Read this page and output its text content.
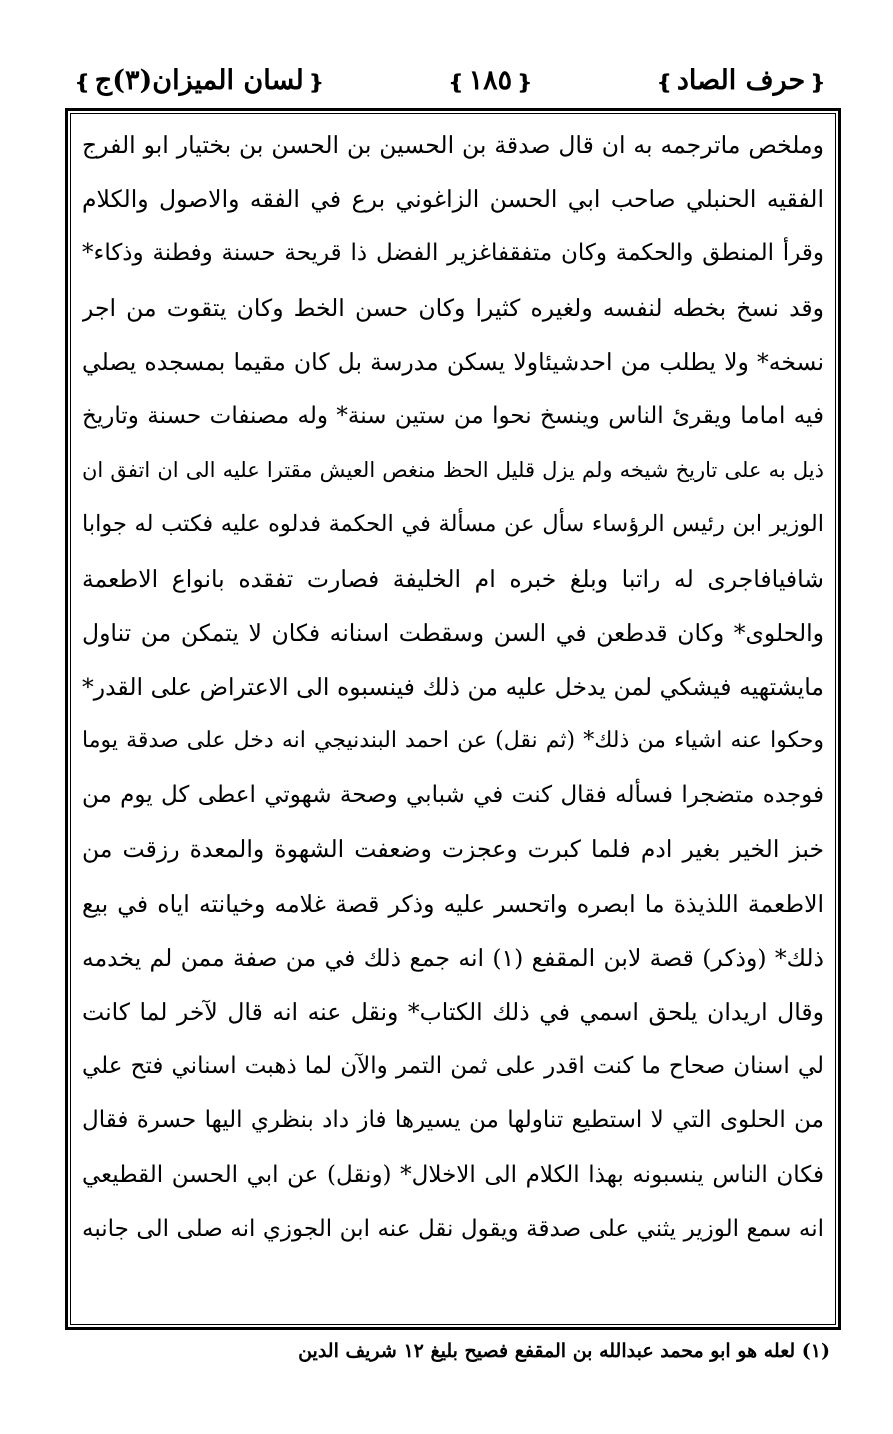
❴حرف الصاد❵
❴١٨٥❵
❴لسان الميزان(٣)ج❵
وملخص ماترجمه به ان قال صدقة بن الحسين بن الحسن بن بختيار ابو الفرج
الفقيه الحنبلي صاحب ابي الحسن الزاغوني برع في الفقه والاصول والكلام
وقرأ المنطق والحكمة وكان متفقفاغزير الفضل ذا قريحة حسنة وفطنة وذكاء*
وقد نسخ بخطه لنفسه ولغيره كثيرا وكان حسن الخط وكان يتقوت من اجر
نسخه* ولا يطلب من احدشيئاولا يسكن مدرسة بل كان مقيما بمسجده يصلي
فيه اماما ويقرئ الناس وينسخ نحوا من ستين سنة* وله مصنفات حسنة وتاريخ
ذيل به على تاريخ شيخه ولم يزل قليل الحظ منغص العيش مقترا عليه الى ان اتفق ان
الوزير ابن رئيس الرؤساء سأل عن مسألة في الحكمة فدلوه عليه فكتب له جوابا
شافيافاجرى له راتبا وبلغ خبره ام الخليفة فصارت تفقده بانواع الاطعمة
والحلوى* وكان قدطعن في السن وسقطت اسنانه فكان لا يتمكن من تناول
مايشتهيه فيشكي لمن يدخل عليه من ذلك فينسبوه الى الاعتراض على القدر*
وحكوا عنه اشياء من ذلك* (ثم نقل) عن احمد البندنيجي انه دخل على صدقة يوما
فوجده متضجرا فسأله فقال كنت في شبابي وصحة شهوتي اعطى كل يوم من
خبز الخير بغير ادم فلما كبرت وعجزت وضعفت الشهوة والمعدة رزقت من
الاطعمة اللذيذة ما ابصره واتحسر عليه وذكر قصة غلامه وخيانته اياه في بيع
ذلك* (وذكر) قصة لابن المقفع (١) انه جمع ذلك في من صفة ممن لم يخدمه
وقال اريدان يلحق اسمي في ذلك الكتاب* ونقل عنه انه قال لآخر لما كانت
لي اسنان صحاح ما كنت اقدر على ثمن التمر والآن لما ذهبت اسناني فتح علي
من الحلوى التي لا استطيع تناولها من يسيرها فاز داد بنظري اليها حسرة فقال
فكان الناس ينسبونه بهذا الكلام الى الاخلال* (ونقل) عن ابي الحسن القطيعي
انه سمع الوزير يثني على صدقة ويقول نقل عنه ابن الجوزي انه صلى الى جانبه
(١) لعله هو ابو محمد عبدالله بن المقفع فصيح بليغ ١٢ شريف الدين
